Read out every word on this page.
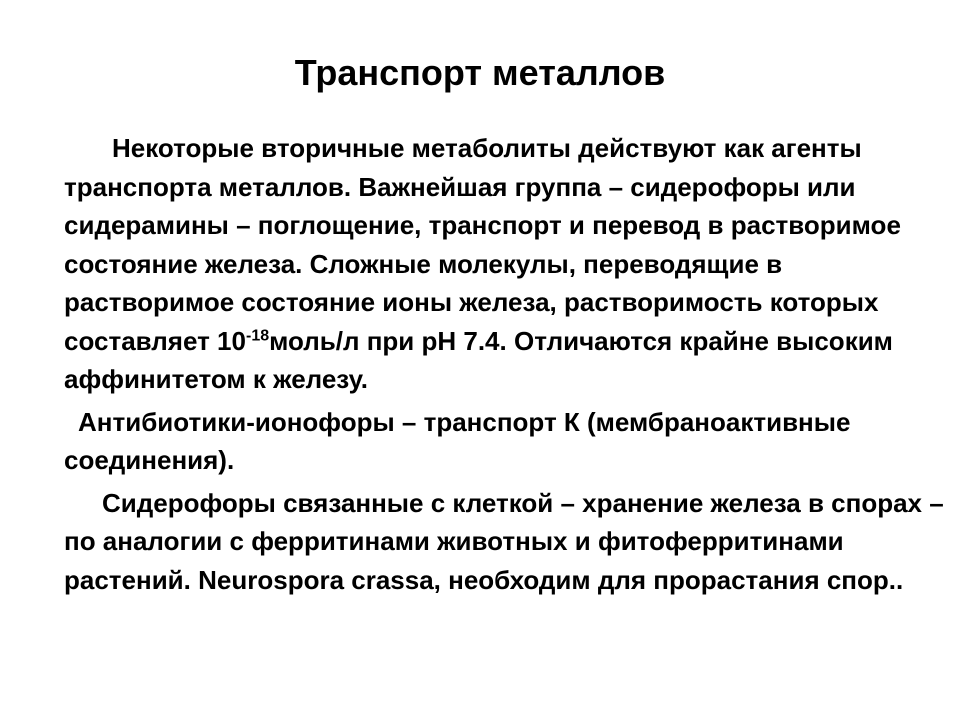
Транспорт металлов

Некоторые вторичные метаболиты действуют как агенты транспорта металлов. Важнейшая группа – сидерофоры или сидерамины – поглощение, транспорт и перевод в растворимое состояние железа. Сложные молекулы, переводящие в растворимое состояние ионы железа, растворимость которых составляет $10^{-18}моль/л$ при рН 7.4. Отличаются крайне высоким аффинитетом к железу.

Антибиотики-ионофоры – транспорт К (мембраноактивные соединения).

Сидерофоры связанные с клеткой – хранение железа в спорах – по аналогии с ферритинами животных и фитоферритинами растений. Neurospora crassa, необходим для прорастания спор..
